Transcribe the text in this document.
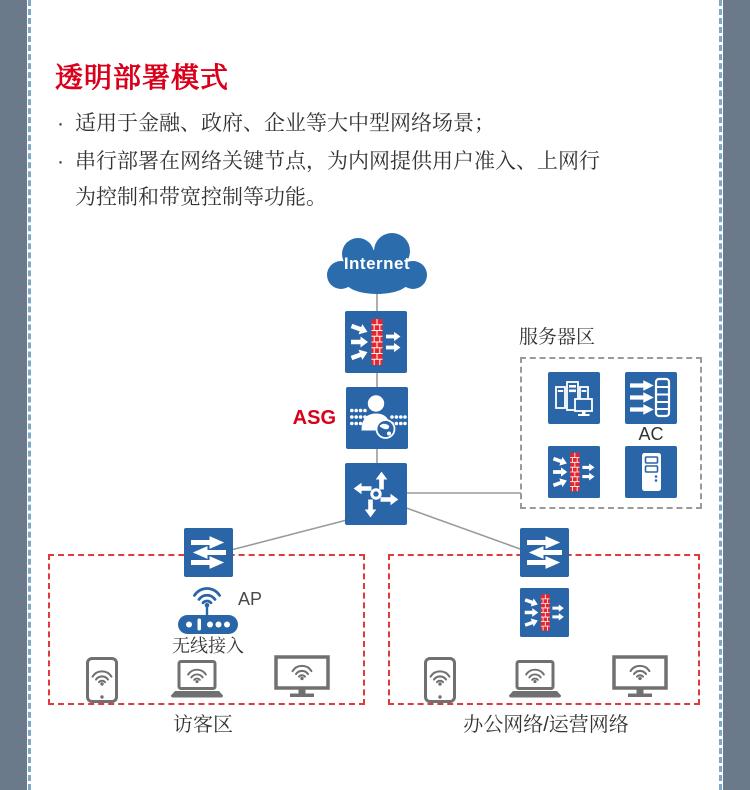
透明部署模式
· 适用于金融、政府、企业等大中型网络场景；
· 串行部署在网络关键节点，为内网提供用户准入、上网行
为控制和带宽控制等功能。
Internet
ASG
服务器区
AC
AP
无线接入
访客区	办公网络/运营网络
